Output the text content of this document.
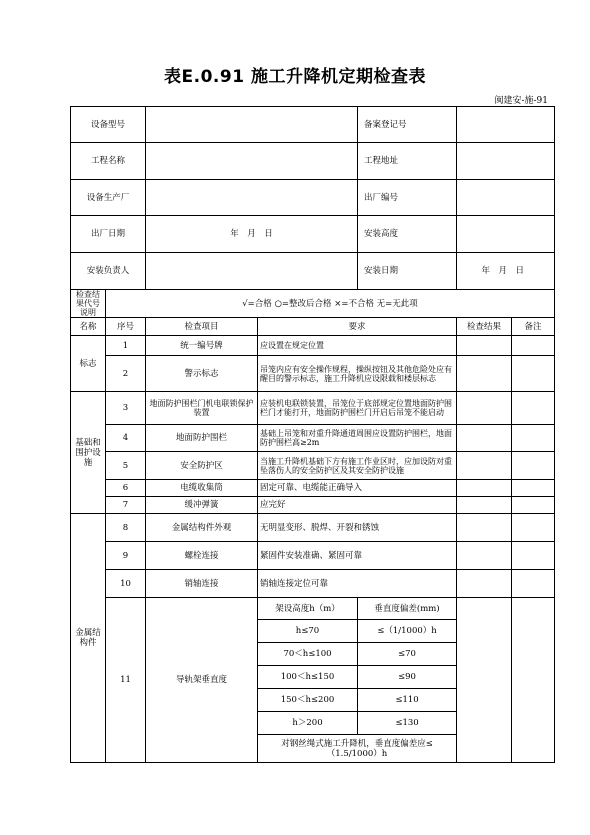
表E.0.91 施工升降机定期检查表
闽建安-施-91
设备型号				备案登记号		
工程名称				工程地址		
设备生产厂				出厂编号		
出厂日期		年　月　日		安装高度		
安装负责人				安装日期	年　月　日	
检查结果代号说明	√=合格 ○=整改后合格 ×=不合格 无=无此项					
名称	序号	检查项目	要求		检查结果	备注
标志	1	统一编号牌	应设置在规定位置			
	2	警示标志	吊笼内应有安全操作规程，操纵按钮及其他危险处应有醒目的警示标志，施工升降机应设限载和楼层标志			
基础和围护设施	3	地面防护围栏门机电联锁保护装置	应装机电联锁装置，吊笼位于底部规定位置地面防护围栏门才能打开，地面防护围栏门开启后吊笼不能启动			
	4	地面防护围栏	基础上吊笼和对重升降通道周围应设置防护围栏，地面防护围栏高≥2m			
	5	安全防护区	当施工升降机基础下方有施工作业区时，应加设防对重坠落伤人的安全防护区及其安全防护设施			
	6	电缆收集筒	固定可靠、电缆能正确导入			
	7	缓冲弹簧	应完好			
金属结构件	8	金属结构件外观	无明显变形、脱焊、开裂和锈蚀			
	9	螺栓连接	紧固件安装准确、紧固可靠			
	10	销轴连接	销轴连接定位可靠			
	11	导轨架垂直度	架设高度h（m）	垂直度偏差(mm)		
			h≤70	≤（1/1000）h		
			70＜h≤100	≤70		
			100＜h≤150	≤90		
			150＜h≤200	≤110		
			h＞200	≤130		
			对钢丝绳式施工升降机，垂直度偏差应≤（1.5/1000）h			
